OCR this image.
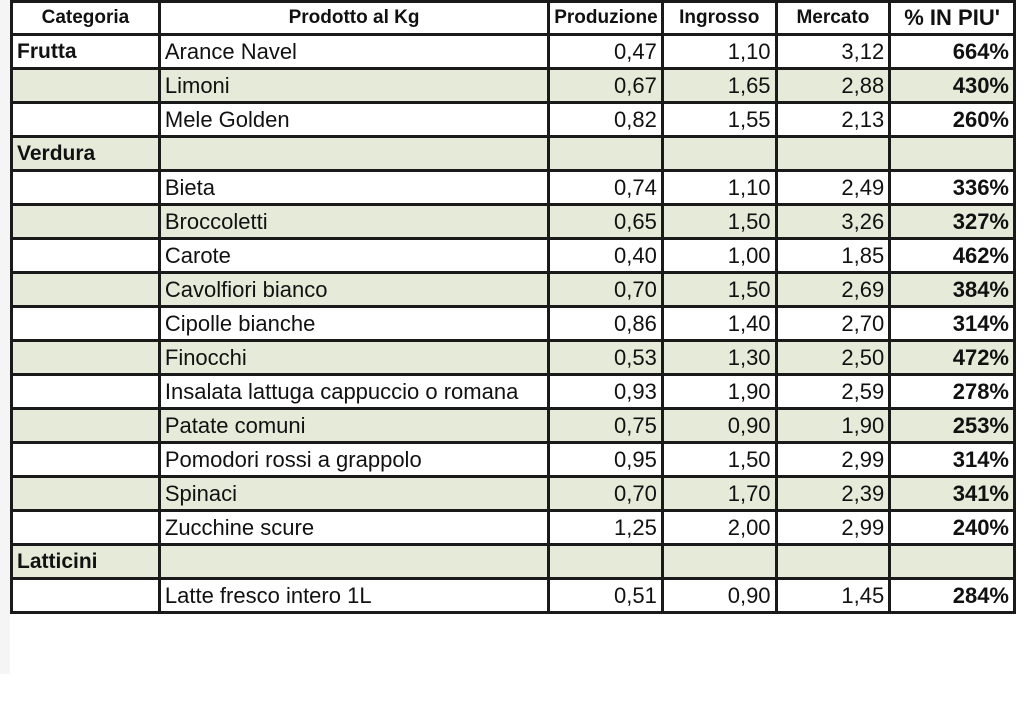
Categoria	Prodotto al Kg	Produzione	Ingrosso	Mercato	% IN PIU'
Frutta	Arance Navel	0,47	1,10	3,12	664%
	Limoni	0,67	1,65	2,88	430%
	Mele Golden	0,82	1,55	2,13	260%
Verdura					
	Bieta	0,74	1,10	2,49	336%
	Broccoletti	0,65	1,50	3,26	327%
	Carote	0,40	1,00	1,85	462%
	Cavolfiori bianco	0,70	1,50	2,69	384%
	Cipolle bianche	0,86	1,40	2,70	314%
	Finocchi	0,53	1,30	2,50	472%
	Insalata lattuga cappuccio o romana	0,93	1,90	2,59	278%
	Patate comuni	0,75	0,90	1,90	253%
	Pomodori rossi a grappolo	0,95	1,50	2,99	314%
	Spinaci	0,70	1,70	2,39	341%
	Zucchine scure	1,25	2,00	2,99	240%
Latticini					
	Latte fresco intero 1L	0,51	0,90	1,45	284%
